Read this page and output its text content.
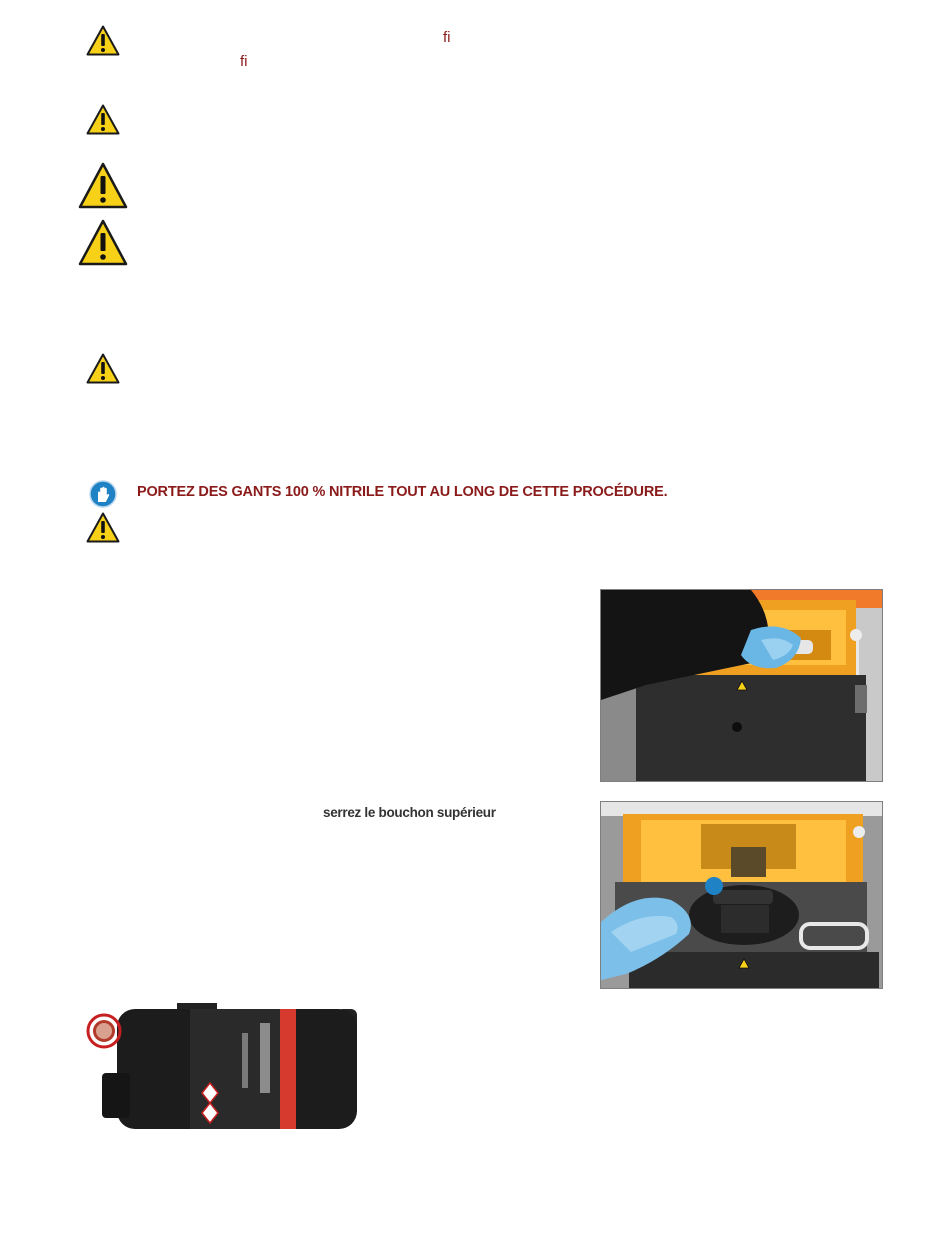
ﬁ
ﬁ
PORTEZ DES GANTS 100 % NITRILE TOUT AU LONG DE CETTE PROCÉDURE.
serrez le bouchon supérieur
